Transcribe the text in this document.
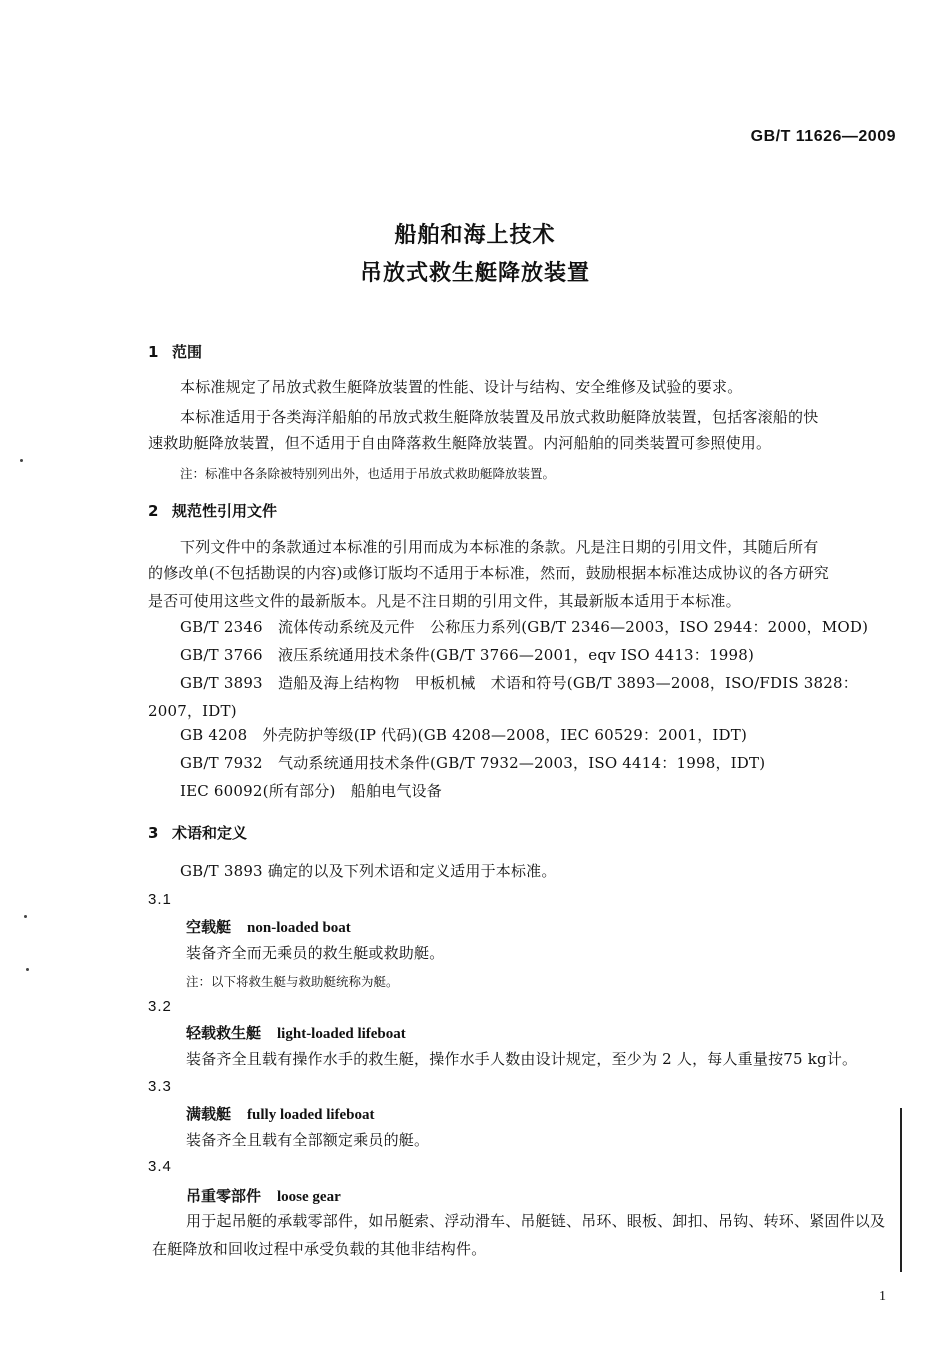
GB/T 11626—2009
船舶和海上技术
吊放式救生艇降放装置
1 范围
本标准规定了吊放式救生艇降放装置的性能、设计与结构、安全维修及试验的要求。
本标准适用于各类海洋船舶的吊放式救生艇降放装置及吊放式救助艇降放装置，包括客滚船的快
速救助艇降放装置，但不适用于自由降落救生艇降放装置。内河船舶的同类装置可参照使用。
注：标准中各条除被特别列出外，也适用于吊放式救助艇降放装置。
2 规范性引用文件
下列文件中的条款通过本标准的引用而成为本标准的条款。凡是注日期的引用文件，其随后所有
的修改单(不包括勘误的内容)或修订版均不适用于本标准，然而，鼓励根据本标准达成协议的各方研究
是否可使用这些文件的最新版本。凡是不注日期的引用文件，其最新版本适用于本标准。
GB/T 2346　流体传动系统及元件　公称压力系列(GB/T 2346—2003，ISO 2944：2000，MOD)
GB/T 3766　液压系统通用技术条件(GB/T 3766—2001，eqv ISO 4413：1998)
GB/T 3893　造船及海上结构物　甲板机械　术语和符号(GB/T 3893—2008，ISO/FDIS 3828：
2007，IDT)
GB 4208　外壳防护等级(IP 代码)(GB 4208—2008，IEC 60529：2001，IDT)
GB/T 7932　气动系统通用技术条件(GB/T 7932—2003，ISO 4414：1998，IDT)
IEC 60092(所有部分)　船舶电气设备
3 术语和定义
GB/T 3893 确定的以及下列术语和定义适用于本标准。
3.1
空载艇 non-loaded boat
装备齐全而无乘员的救生艇或救助艇。
注：以下将救生艇与救助艇统称为艇。
3.2
轻载救生艇 light-loaded lifeboat
装备齐全且载有操作水手的救生艇，操作水手人数由设计规定，至少为 2 人，每人重量按75 kg计。
3.3
满载艇 fully loaded lifeboat
装备齐全且载有全部额定乘员的艇。
3.4
吊重零部件 loose gear
用于起吊艇的承载零部件，如吊艇索、浮动滑车、吊艇链、吊环、眼板、卸扣、吊钩、转环、紧固件以及
在艇降放和回收过程中承受负载的其他非结构件。
1
